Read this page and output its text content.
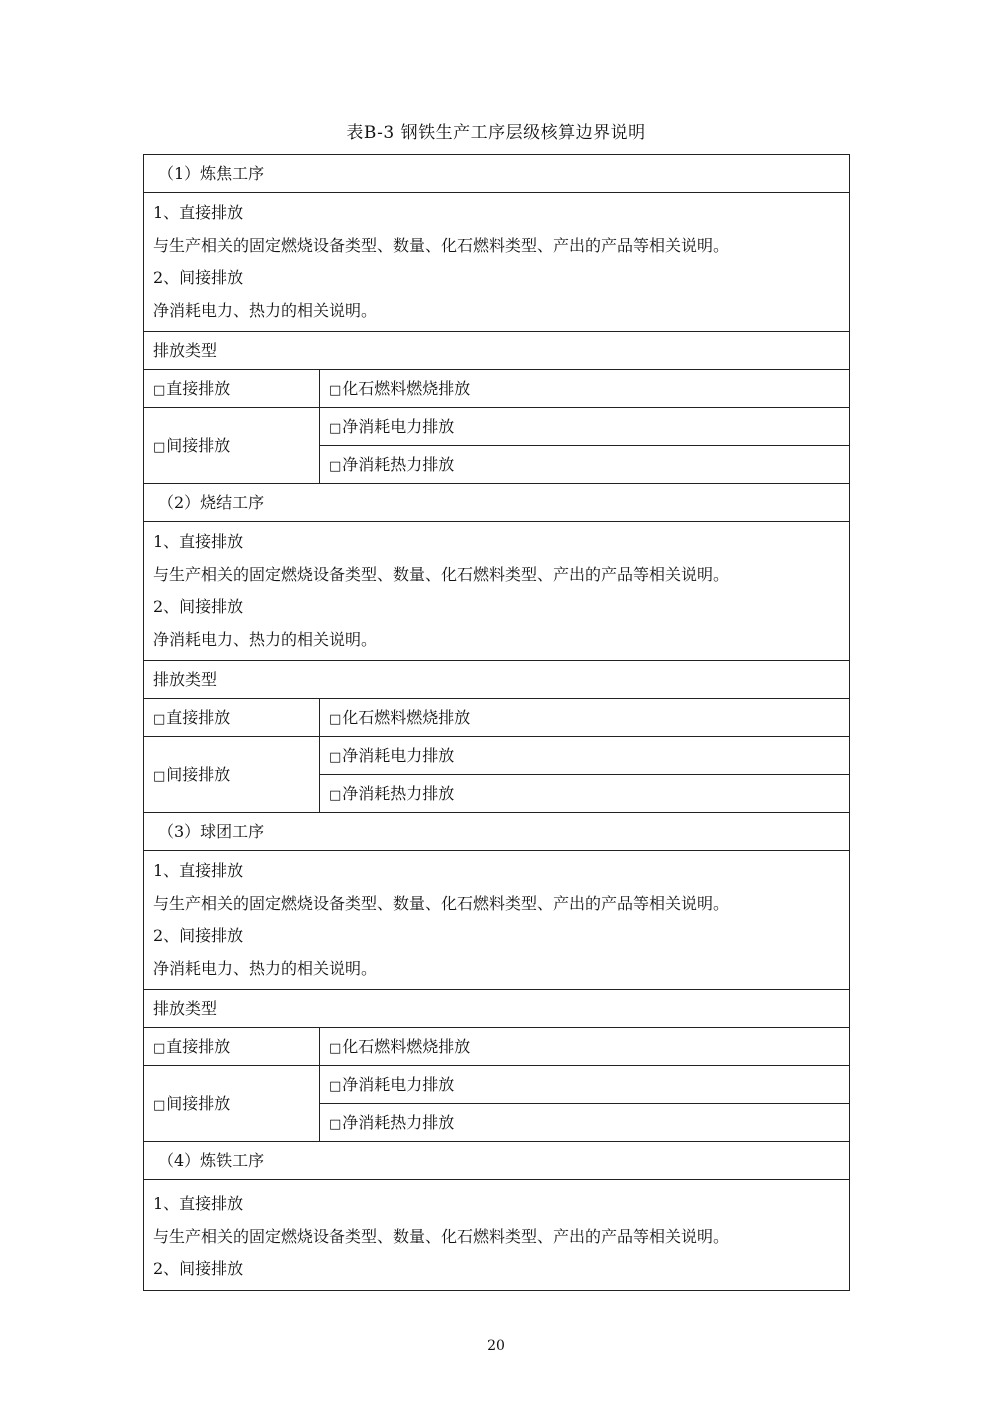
表B-3 钢铁生产工序层级核算边界说明
（1）炼焦工序	

1、直接排放
与生产相关的固定燃烧设备类型、数量、化石燃料类型、产出的产品等相关说明。
2、间接排放
净消耗电力、热力的相关说明。	

排放类型	
□直接排放	□化石燃料燃烧排放
□间接排放	□净消耗电力排放
	□净消耗热力排放
（2）烧结工序	

1、直接排放
与生产相关的固定燃烧设备类型、数量、化石燃料类型、产出的产品等相关说明。
2、间接排放
净消耗电力、热力的相关说明。	

排放类型	
□直接排放	□化石燃料燃烧排放
□间接排放	□净消耗电力排放
	□净消耗热力排放
（3）球团工序	

1、直接排放
与生产相关的固定燃烧设备类型、数量、化石燃料类型、产出的产品等相关说明。
2、间接排放
净消耗电力、热力的相关说明。	

排放类型	
□直接排放	□化石燃料燃烧排放
□间接排放	□净消耗电力排放
	□净消耗热力排放
（4）炼铁工序	

1、直接排放
与生产相关的固定燃烧设备类型、数量、化石燃料类型、产出的产品等相关说明。
2、间接排放	
20
